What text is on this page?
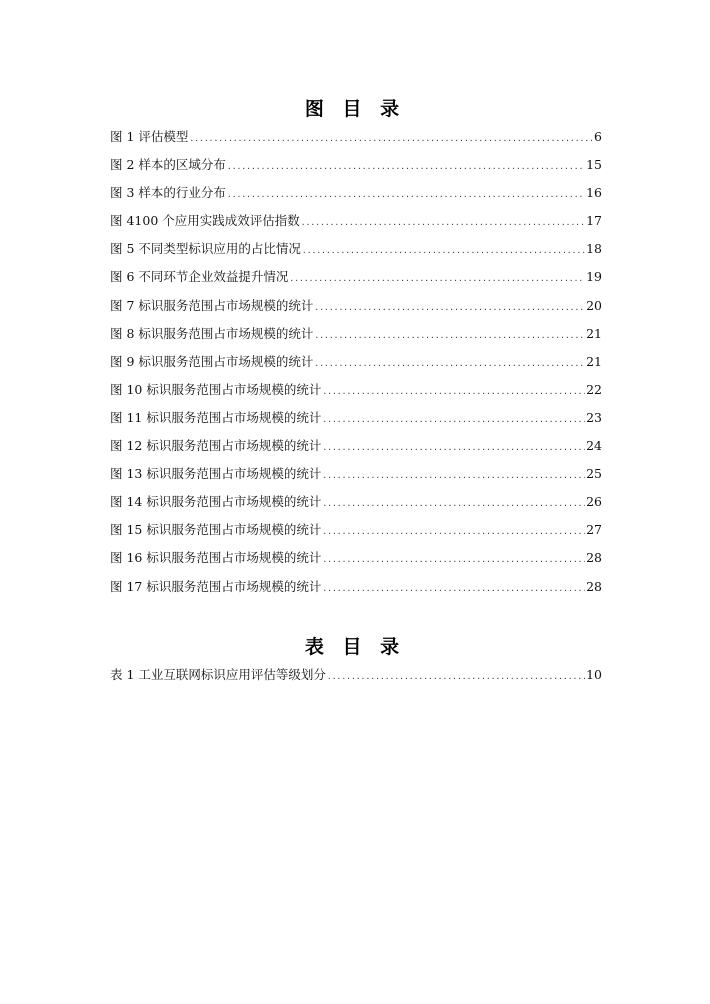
图 目 录
图 1 评估模型 .....	6
图 2 样本的区域分布 .....	15
图 3 样本的行业分布 .....	16
图 4100 个应用实践成效评估指数 .....	17
图 5 不同类型标识应用的占比情况 .....	18
图 6 不同环节企业效益提升情况 .....	19
图 7 标识服务范围占市场规模的统计 .....	20
图 8 标识服务范围占市场规模的统计 .....	21
图 9 标识服务范围占市场规模的统计 .....	21
图 10 标识服务范围占市场规模的统计 .....	22
图 11 标识服务范围占市场规模的统计 .....	23
图 12 标识服务范围占市场规模的统计 .....	24
图 13 标识服务范围占市场规模的统计 .....	25
图 14 标识服务范围占市场规模的统计 .....	26
图 15 标识服务范围占市场规模的统计 .....	27
图 16 标识服务范围占市场规模的统计 .....	28
图 17 标识服务范围占市场规模的统计 .....	28
表 目 录
表 1 工业互联网标识应用评估等级划分 .....	10
